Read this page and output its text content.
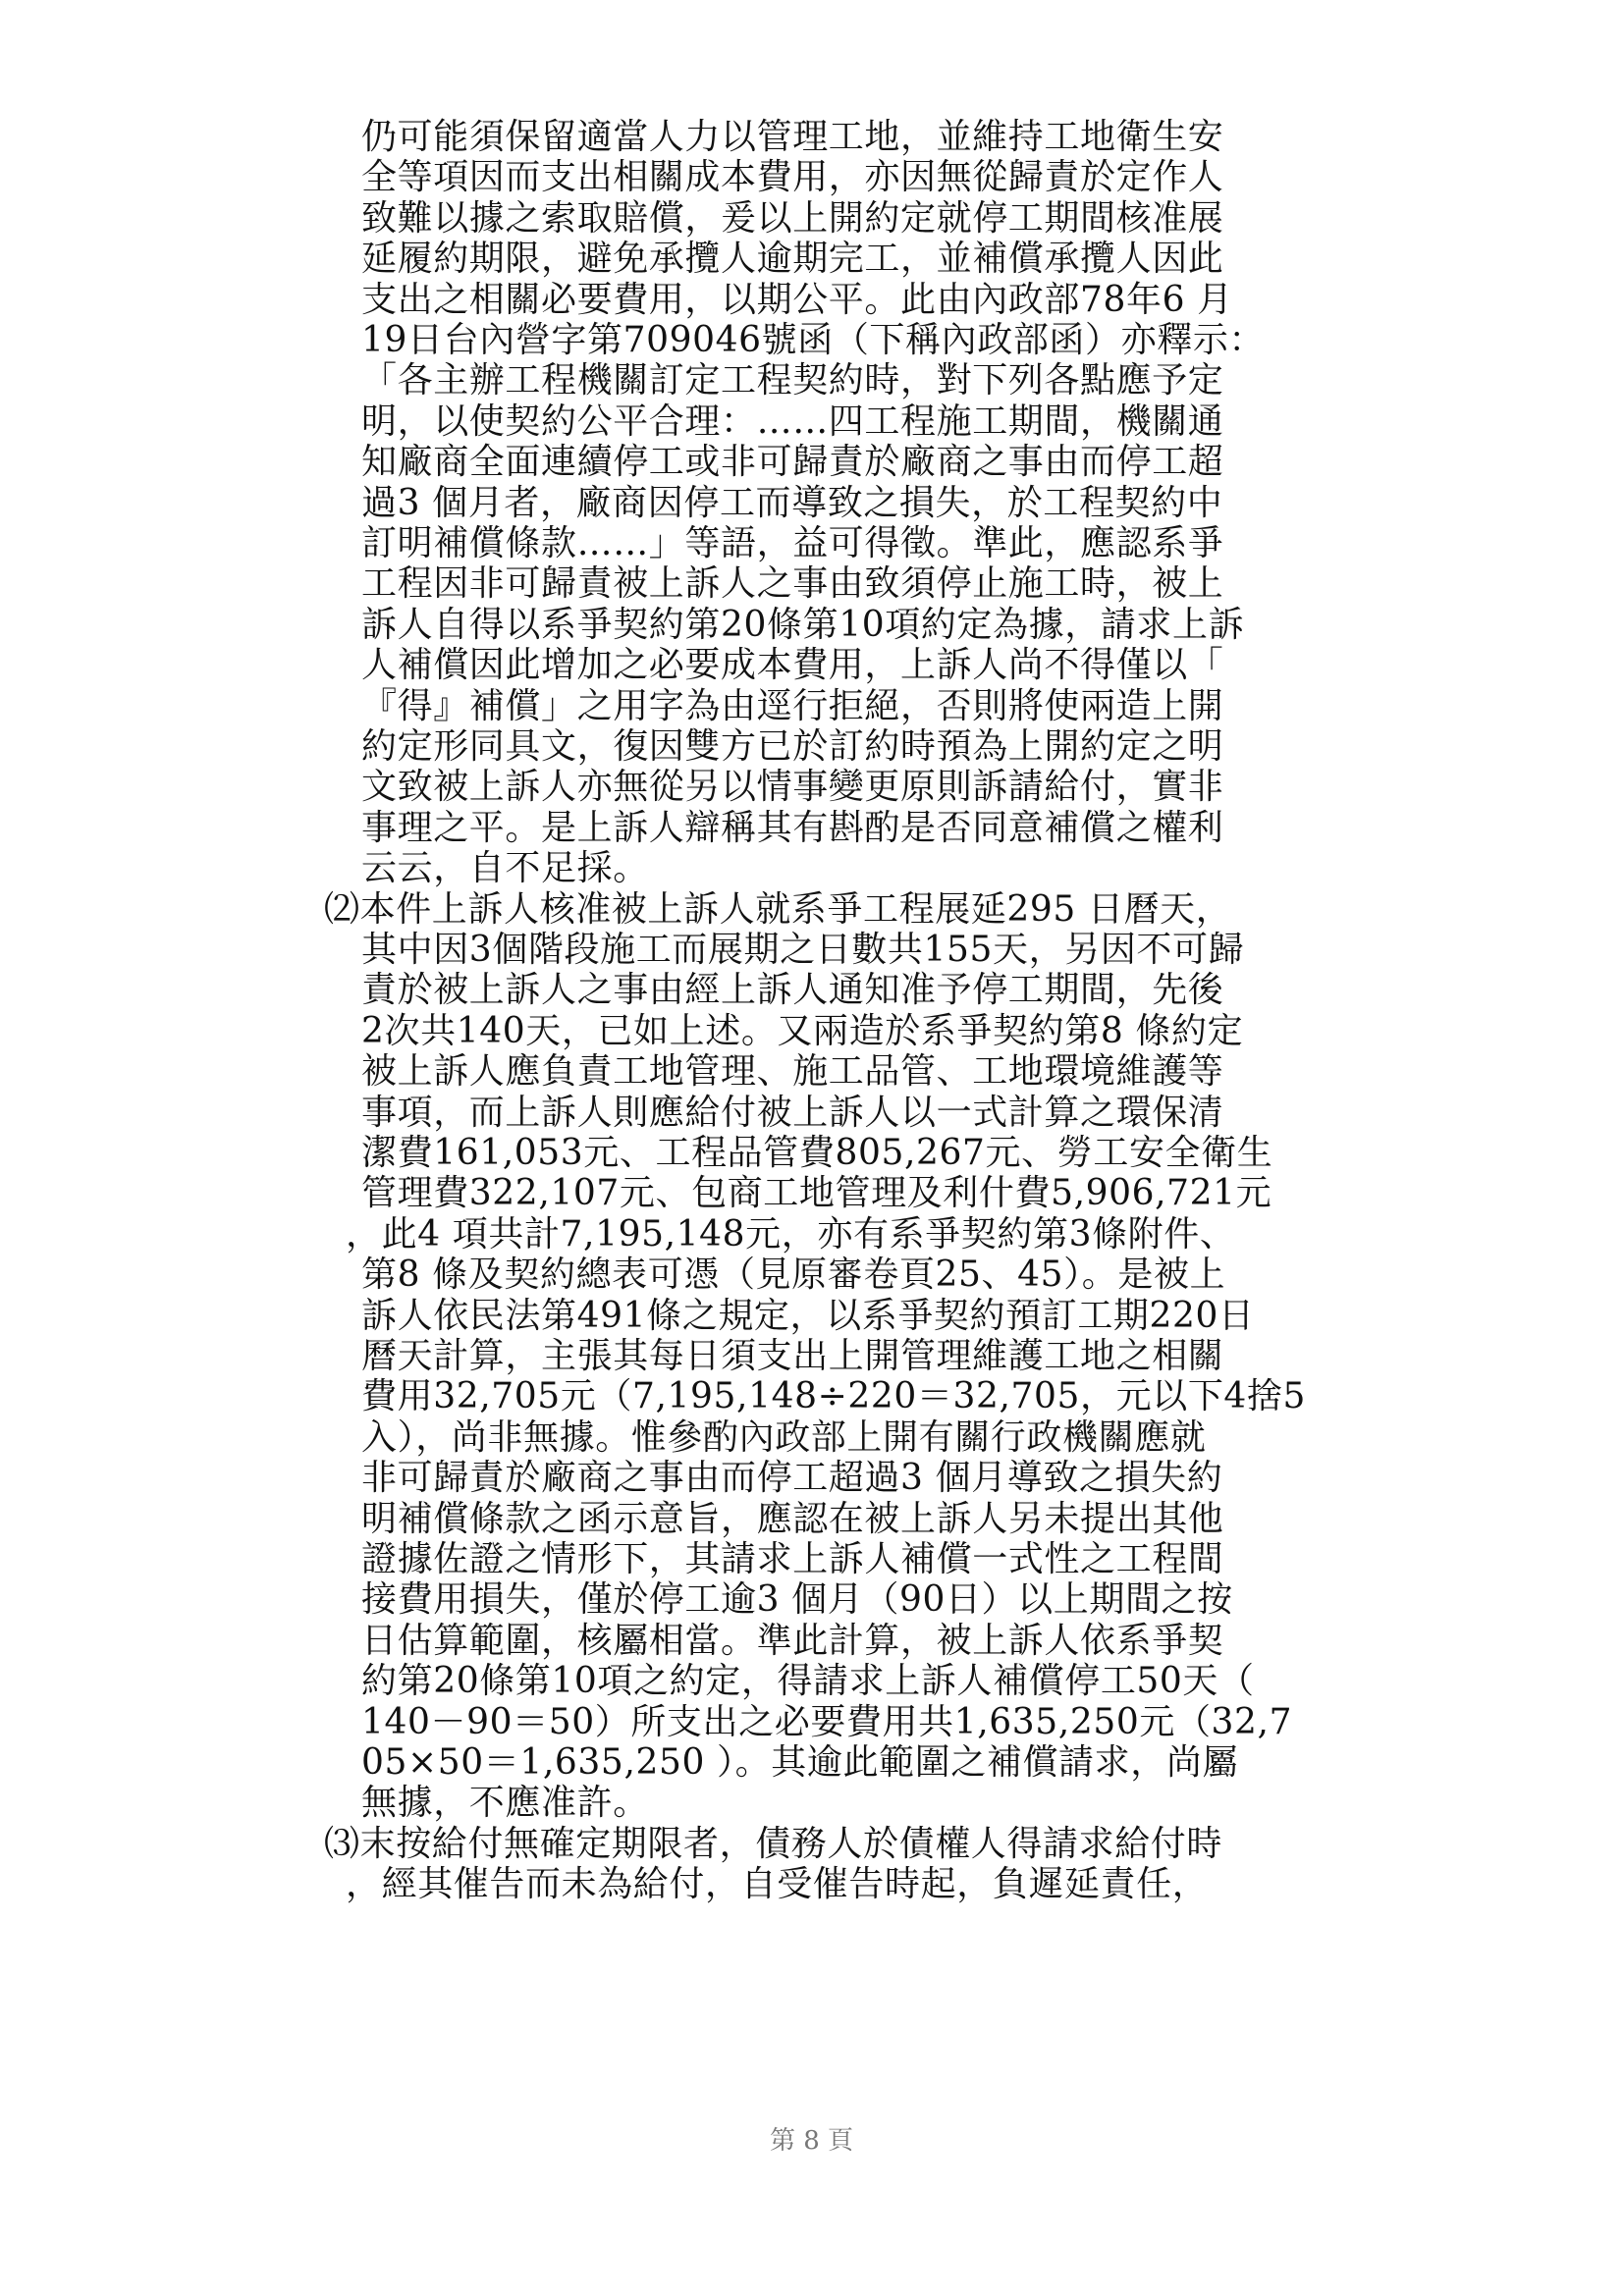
仍可能須保留適當人力以管理工地，並維持工地衛生安
全等項因而支出相關成本費用，亦因無從歸責於定作人
致難以據之索取賠償，爰以上開約定就停工期間核准展
延履約期限，避免承攬人逾期完工，並補償承攬人因此
支出之相關必要費用，以期公平。此由內政部78年6 月
19日台內營字第709046號函（下稱內政部函）亦釋示：
「各主辦工程機關訂定工程契約時，對下列各點應予定
明，以使契約公平合理：……四工程施工期間，機關通
知廠商全面連續停工或非可歸責於廠商之事由而停工超
過3 個月者，廠商因停工而導致之損失，於工程契約中
訂明補償條款……」等語，益可得徵。準此，應認系爭
工程因非可歸責被上訴人之事由致須停止施工時，被上
訴人自得以系爭契約第20條第10項約定為據，請求上訴
人補償因此增加之必要成本費用，上訴人尚不得僅以「
『得』補償」之用字為由逕行拒絕，否則將使兩造上開
約定形同具文，復因雙方已於訂約時預為上開約定之明
文致被上訴人亦無從另以情事變更原則訴請給付，實非
事理之平。是上訴人辯稱其有斟酌是否同意補償之權利
云云，自不足採。
⑵本件上訴人核准被上訴人就系爭工程展延295 日曆天，
其中因3個階段施工而展期之日數共155天，另因不可歸
責於被上訴人之事由經上訴人通知准予停工期間，先後
2次共140天，已如上述。又兩造於系爭契約第8 條約定
被上訴人應負責工地管理、施工品管、工地環境維護等
事項，而上訴人則應給付被上訴人以一式計算之環保清
潔費161,053元、工程品管費805,267元、勞工安全衛生
管理費322,107元、包商工地管理及利什費5,906,721元
，此4 項共計7,195,148元，亦有系爭契約第3條附件、
第8 條及契約總表可憑（見原審卷頁25、45）。是被上
訴人依民法第491條之規定，以系爭契約預訂工期220日
曆天計算，主張其每日須支出上開管理維護工地之相關
費用32,705元（7,195,148÷220＝32,705，元以下4捨5
入），尚非無據。惟參酌內政部上開有關行政機關應就
非可歸責於廠商之事由而停工超過3 個月導致之損失約
明補償條款之函示意旨，應認在被上訴人另未提出其他
證據佐證之情形下，其請求上訴人補償一式性之工程間
接費用損失，僅於停工逾3 個月（90日）以上期間之按
日估算範圍，核屬相當。準此計算，被上訴人依系爭契
約第20條第10項之約定，得請求上訴人補償停工50天（
140－90＝50）所支出之必要費用共1,635,250元（32,7
05×50＝1,635,250 ）。其逾此範圍之補償請求，尚屬
無據，不應准許。
⑶末按給付無確定期限者，債務人於債權人得請求給付時
，經其催告而未為給付，自受催告時起，負遲延責任，
第 8 頁
